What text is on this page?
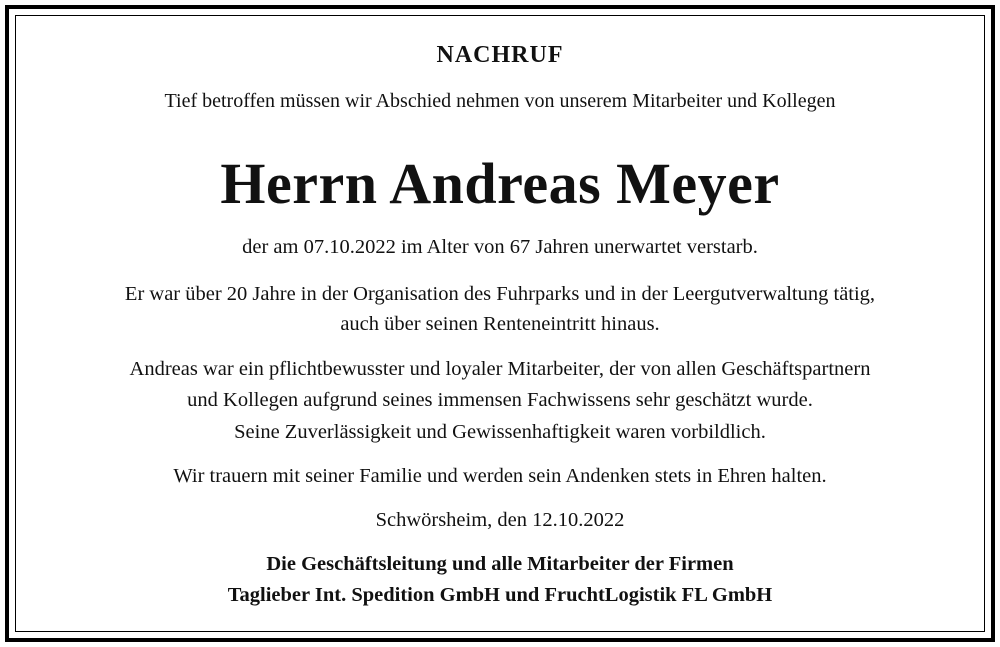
NACHRUF
Tief betroffen müssen wir Abschied nehmen von unserem Mitarbeiter und Kollegen
Herrn Andreas Meyer
der am 07.10.2022 im Alter von 67 Jahren unerwartet verstarb.
Er war über 20 Jahre in der Organisation des Fuhrparks und in der Leergutverwaltung tätig,
auch über seinen Renteneintritt hinaus.
Andreas war ein pflichtbewusster und loyaler Mitarbeiter, der von allen Geschäftspartnern
und Kollegen aufgrund seines immensen Fachwissens sehr geschätzt wurde.
Seine Zuverlässigkeit und Gewissenhaftigkeit waren vorbildlich.
Wir trauern mit seiner Familie und werden sein Andenken stets in Ehren halten.
Schwörsheim, den 12.10.2022
Die Geschäftsleitung und alle Mitarbeiter der Firmen
Taglieber Int. Spedition GmbH und FruchtLogistik FL GmbH
